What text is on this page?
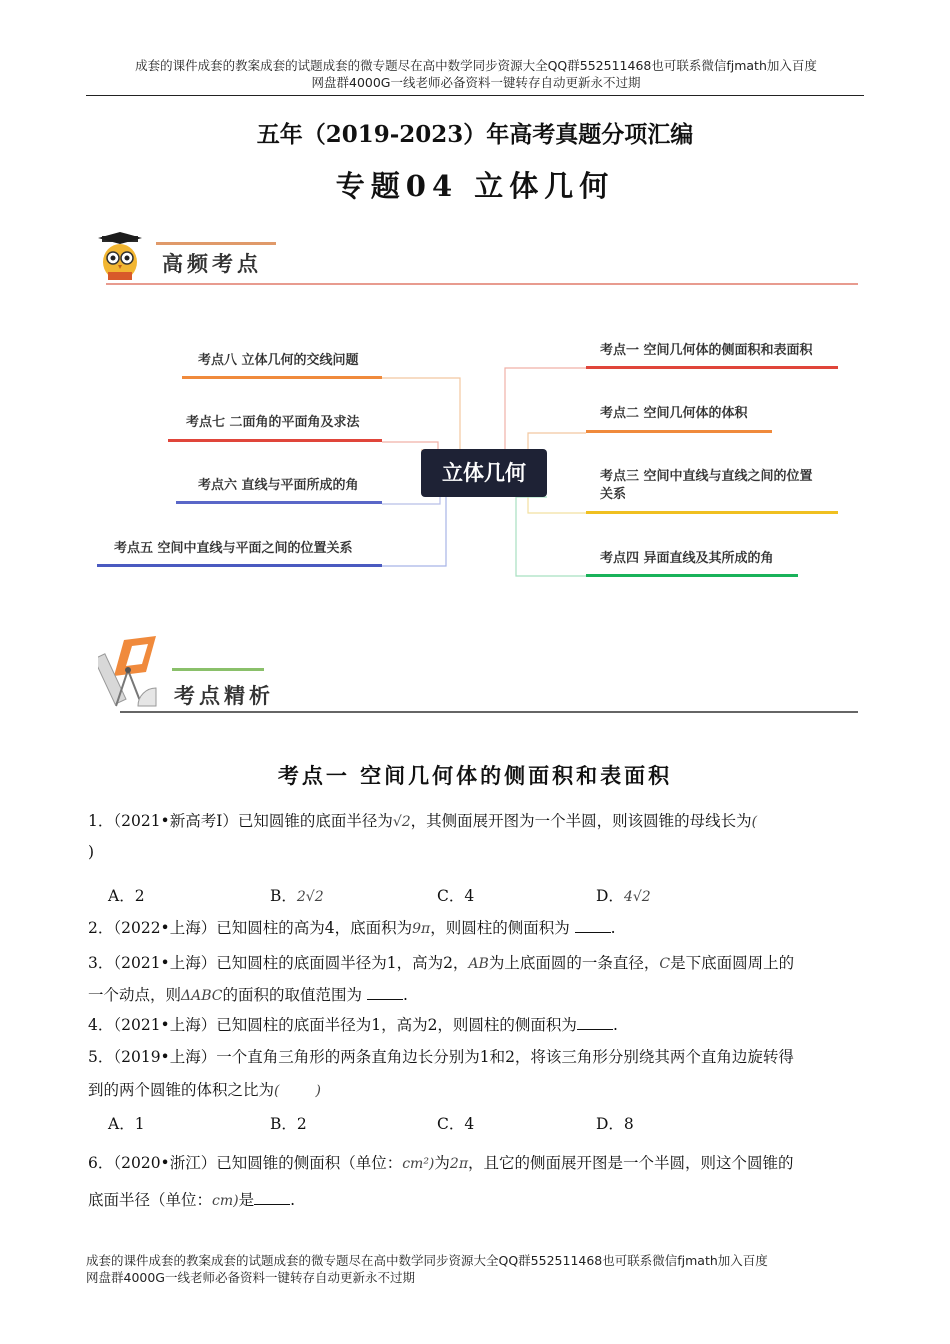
成套的课件成套的教案成套的试题成套的微专题尽在高中数学同步资源大全QQ群552511468也可联系微信fjmath加入百度
网盘群4000G一线老师必备资料一键转存自动更新永不过期
五年（2019-2023）年高考真题分项汇编
专题04 立体几何
高频考点
考点八 立体几何的交线问题
考点七 二面角的平面角及求法
考点六 直线与平面所成的角
考点五 空间中直线与平面之间的位置关系
立体几何
考点一 空间几何体的侧面积和表面积
考点二 空间几何体的体积
考点三 空间中直线与直线之间的位置
关系
考点四 异面直线及其所成的角
考点精析
考点一 空间几何体的侧面积和表面积
1．（2021•新高考Ⅰ）已知圆锥的底面半径为√2，其侧面展开图为一个半圆，则该圆锥的母线长为(
)
A．2	B．2√2	C．4	D．4√2
2．（2022•上海）已知圆柱的高为4，底面积为9π，则圆柱的侧面积为	.
3．（2021•上海）已知圆柱的底面圆半径为1，高为2，AB为上底面圆的一条直径，C是下底面圆周上的
一个动点，则ΔABC的面积的取值范围为	.
4．（2021•上海）已知圆柱的底面半径为1，高为2，则圆柱的侧面积为 .
5．（2019•上海）一个直角三角形的两条直角边长分别为1和2，将该三角形分别绕其两个直角边旋转得
到的两个圆锥的体积之比为(	)
A．1	B．2	C．4	D．8
6．（2020•浙江）已知圆锥的侧面积（单位：cm²)为2π，且它的侧面展开图是一个半圆，则这个圆锥的
底面半径（单位：cm)是 .
成套的课件成套的教案成套的试题成套的微专题尽在高中数学同步资源大全QQ群552511468也可联系微信fjmath加入百度
网盘群4000G一线老师必备资料一键转存自动更新永不过期
